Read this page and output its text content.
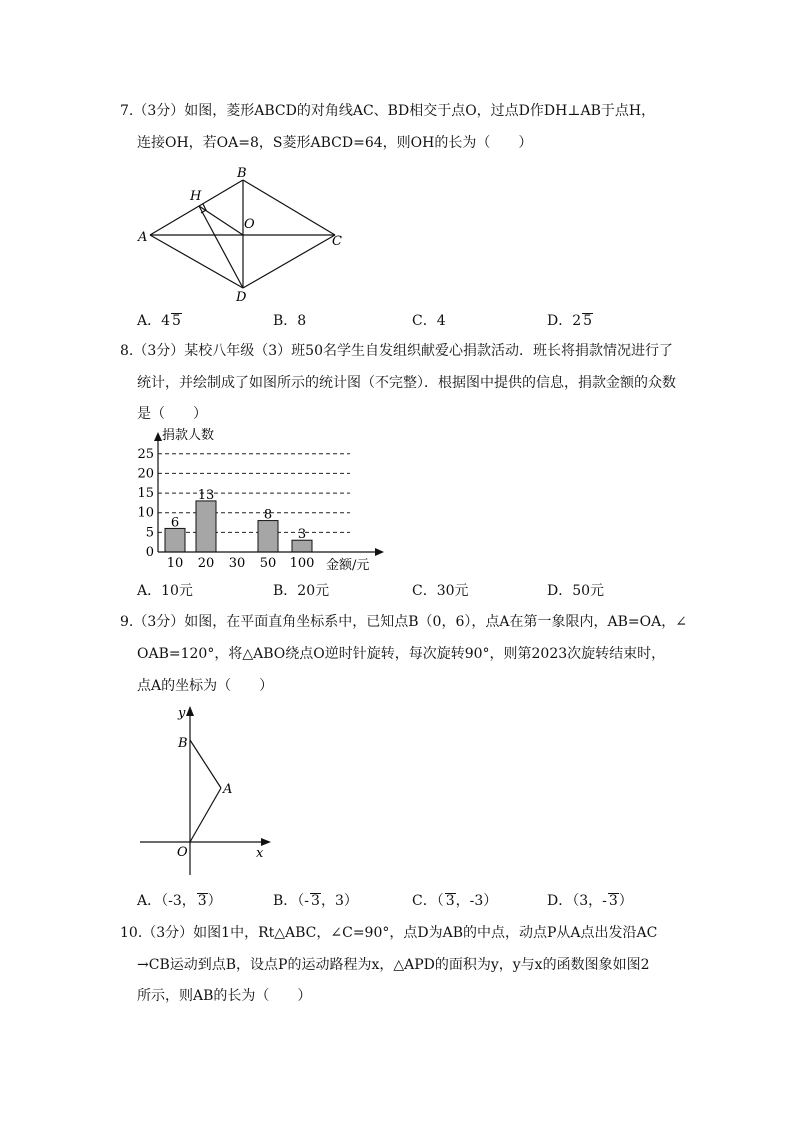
7.（3分）如图，菱形ABCD的对角线AC、BD相交于点O，过点D作DH⊥AB于点H，
连接OH，若OA=8，S菱形ABCD=64，则OH的长为（　　）
B
H
O
A	C
D
A．4 5	B．8	C．4	D．2 5
8.（3分）某校八年级（3）班50名学生自发组织献爱心捐款活动．班长将捐款情况进行了
统计，并绘制成了如图所示的统计图（不完整）．根据图中提供的信息，捐款金额的众数
是（　　）
0
5
10
15
20
25
6
10
13
20 30
8
50
3
100
捐款人数
金额/元
A．10元	B．20元	C．30元	D．50元
9.（3分）如图，在平面直角坐标系中，已知点B（0，6），点A在第一象限内，AB=OA，∠
OAB=120°，将△ABO绕点O逆时针旋转，每次旋转90°，则第2023次旋转结束时，
点A的坐标为（　　）
y
B
A
O	x
A．（-3， 3）	B．（- 3，3）	C．（ 3，-3）	D．（3，- 3）
10.（3分）如图1中，Rt△ABC，∠C=90°，点D为AB的中点，动点P从A点出发沿AC
→CB运动到点B，设点P的运动路程为x，△APD的面积为y，y与x的函数图象如图2
所示，则AB的长为（　　）
